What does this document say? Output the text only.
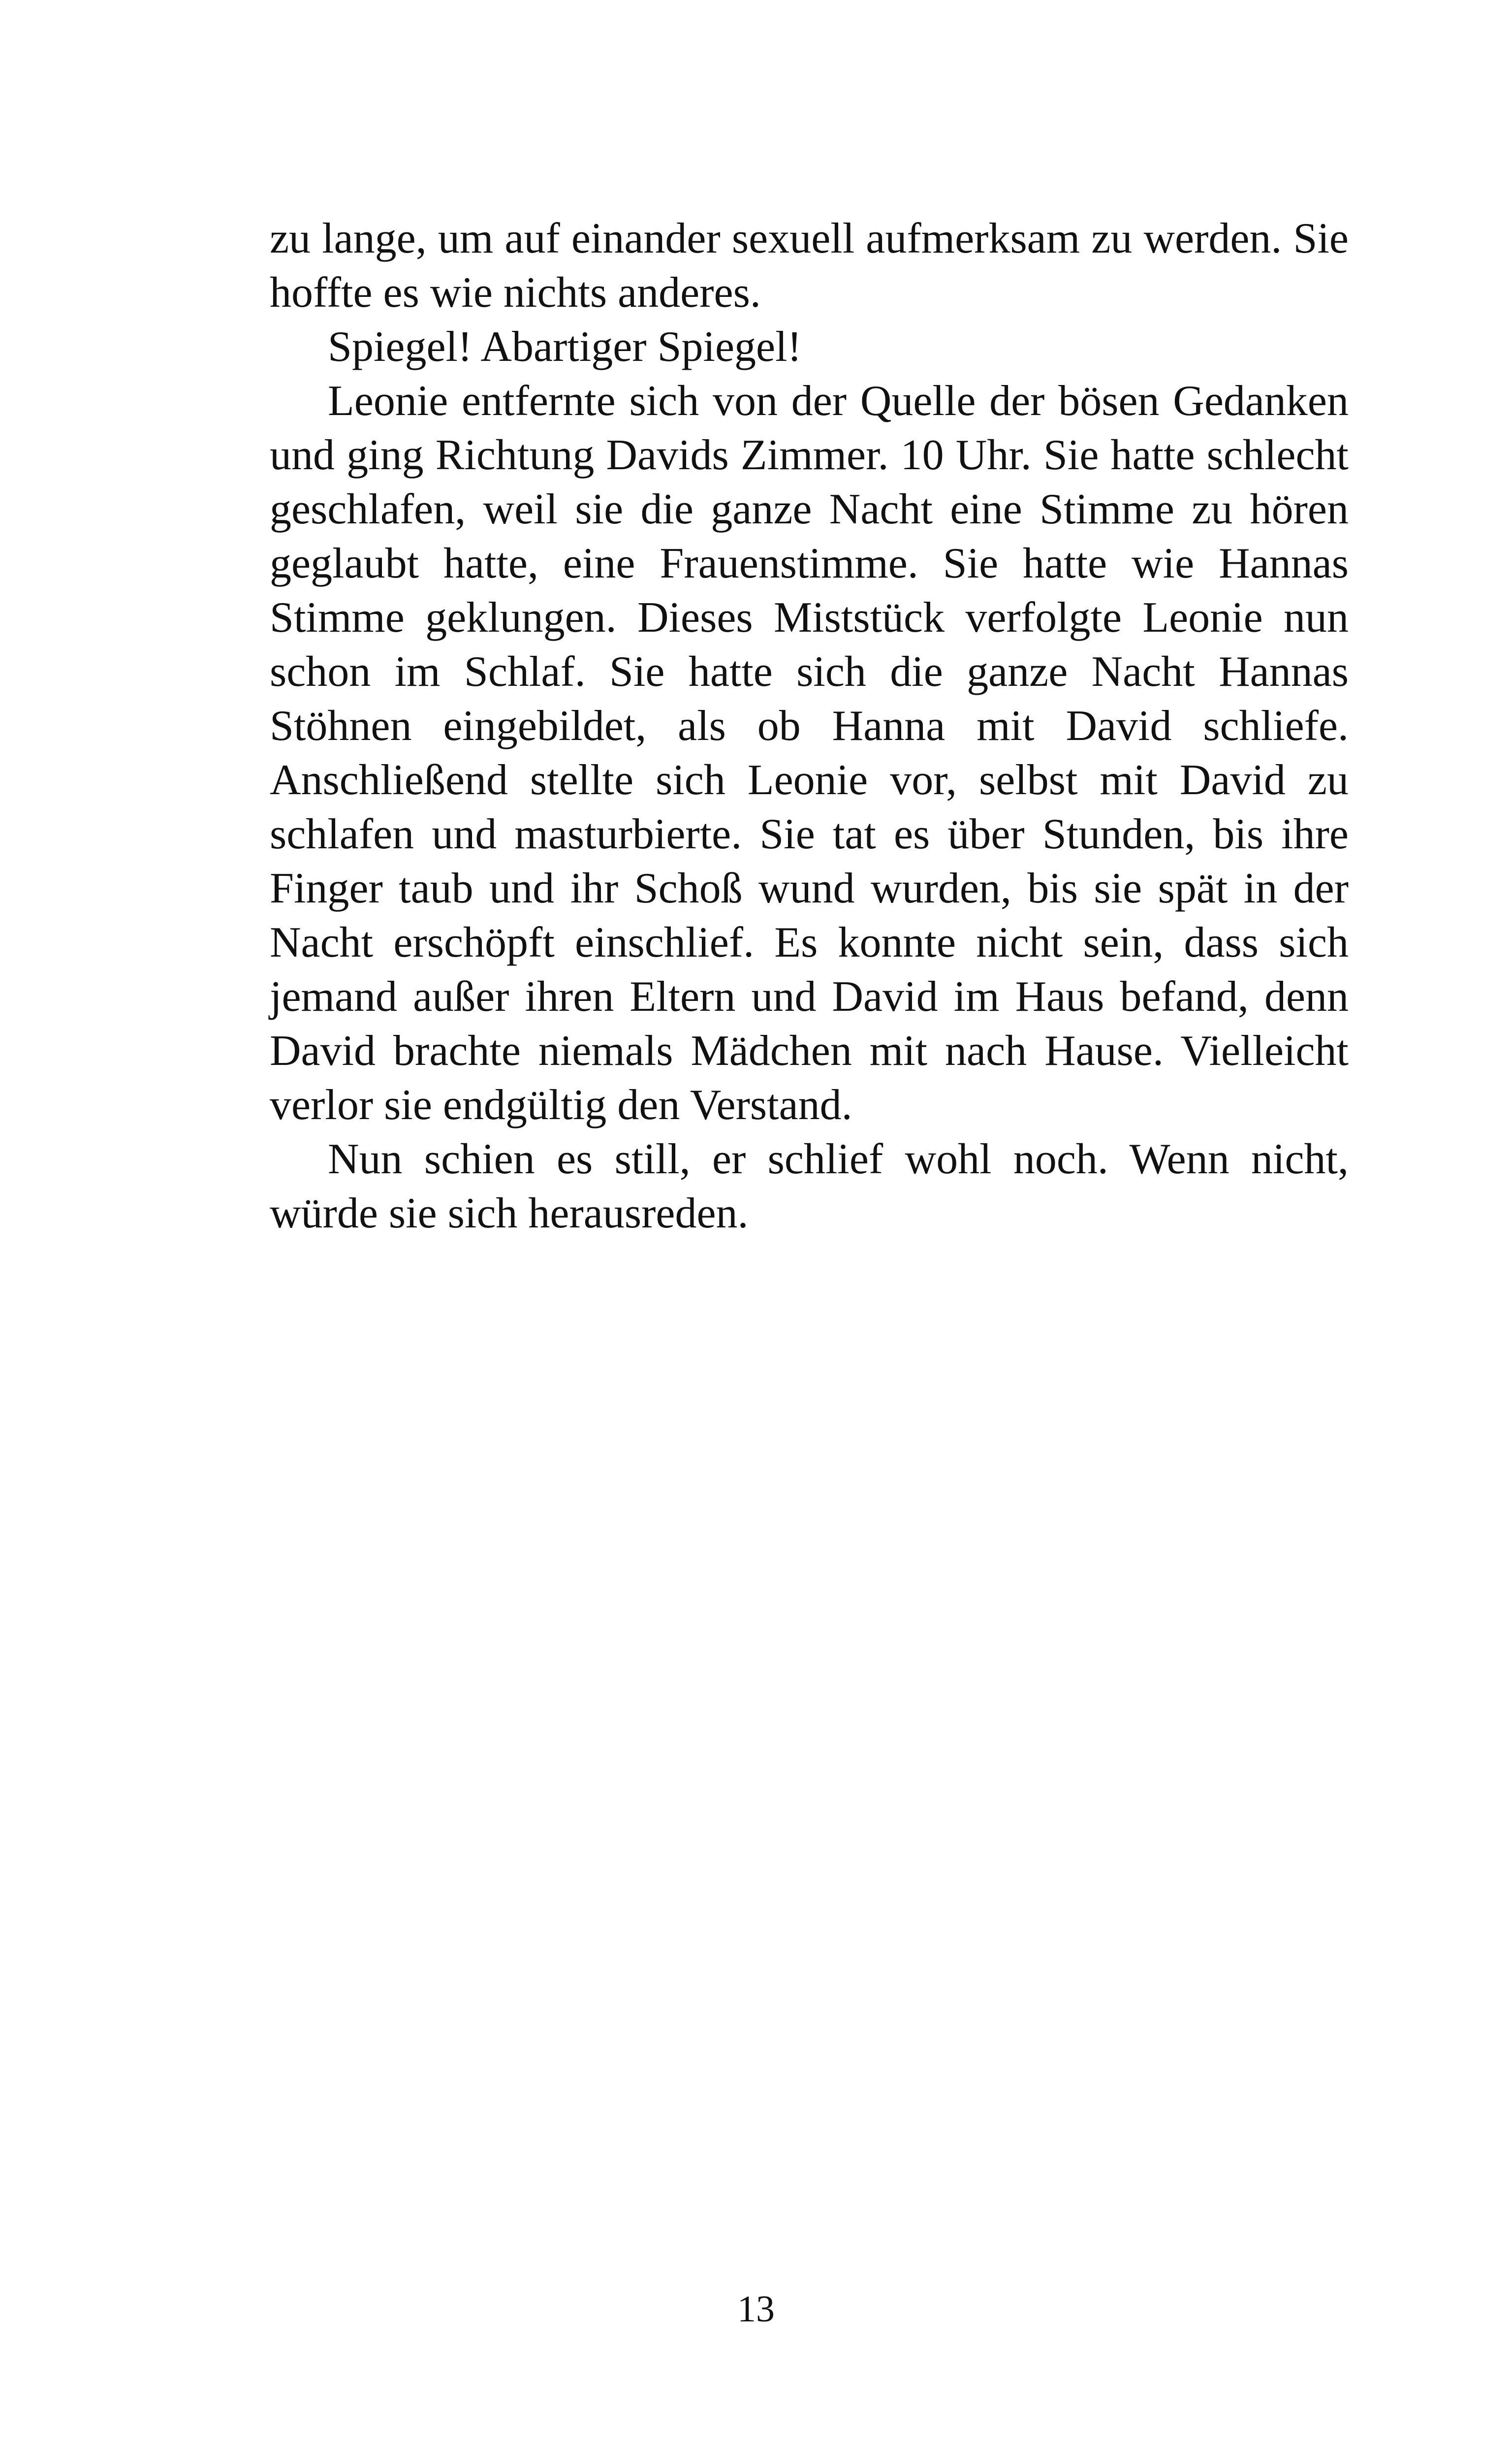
zu lange, um auf einander sexuell aufmerksam zu werden. Sie hoffte es wie nichts anderes.

Spiegel! Abartiger Spiegel!

Leonie entfernte sich von der Quelle der bösen Gedanken und ging Richtung Davids Zimmer. 10 Uhr. Sie hatte schlecht geschlafen, weil sie die ganze Nacht eine Stimme zu hören geglaubt hatte, eine Frauenstimme. Sie hatte wie Hannas Stimme geklungen. Dieses Miststück verfolgte Leonie nun schon im Schlaf. Sie hatte sich die ganze Nacht Hannas Stöhnen eingebildet, als ob Hanna mit David schliefe. Anschließend stellte sich Leonie vor, selbst mit David zu schlafen und masturbierte. Sie tat es über Stunden, bis ihre Finger taub und ihr Schoß wund wurden, bis sie spät in der Nacht erschöpft einschlief. Es konnte nicht sein, dass sich jemand außer ihren Eltern und David im Haus befand, denn David brachte niemals Mädchen mit nach Hause. Vielleicht verlor sie endgültig den Verstand.

Nun schien es still, er schlief wohl noch. Wenn nicht, würde sie sich herausreden.

13
